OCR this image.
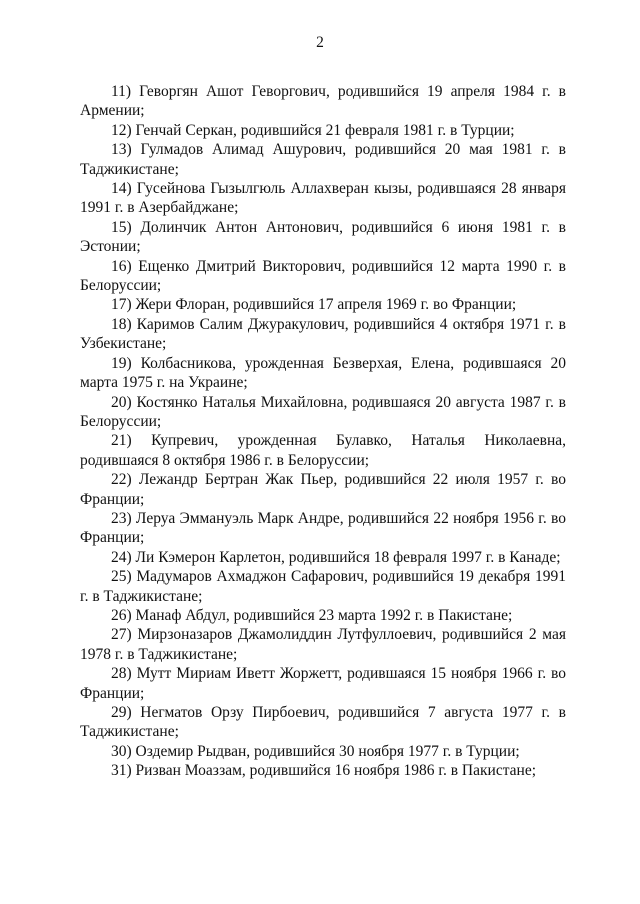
2
11) Геворгян Ашот Геворгович, родившийся 19 апреля 1984 г. в Армении;
12) Генчай Серкан, родившийся 21 февраля 1981 г. в Турции;
13) Гулмадов Алимад Ашурович, родившийся 20 мая 1981 г. в Таджикистане;
14) Гусейнова Гызылгюль Аллахверан кызы, родившаяся 28 января 1991 г. в Азербайджане;
15) Долинчик Антон Антонович, родившийся 6 июня 1981 г. в Эстонии;
16) Ещенко Дмитрий Викторович, родившийся 12 марта 1990 г. в Белоруссии;
17) Жери Флоран, родившийся 17 апреля 1969 г. во Франции;
18) Каримов Салим Джуракулович, родившийся 4 октября 1971 г. в Узбекистане;
19) Колбасникова, урожденная Безверхая, Елена, родившаяся 20 марта 1975 г. на Украине;
20) Костянко Наталья Михайловна, родившаяся 20 августа 1987 г. в Белоруссии;
21) Купревич, урожденная Булавко, Наталья Николаевна, родившаяся 8 октября 1986 г. в Белоруссии;
22) Лежандр Бертран Жак Пьер, родившийся 22 июля 1957 г. во Франции;
23) Леруа Эммануэль Марк Андре, родившийся 22 ноября 1956 г. во Франции;
24) Ли Кэмерон Карлетон, родившийся 18 февраля 1997 г. в Канаде;
25) Мадумаров Ахмаджон Сафарович, родившийся 19 декабря 1991 г. в Таджикистане;
26) Манаф Абдул, родившийся 23 марта 1992 г. в Пакистане;
27) Мирзоназаров Джамолиддин Лутфуллоевич, родившийся 2 мая 1978 г. в Таджикистане;
28) Мутт Мириам Иветт Жоржетт, родившаяся 15 ноября 1966 г. во Франции;
29) Негматов Орзу Пирбоевич, родившийся 7 августа 1977 г. в Таджикистане;
30) Оздемир Рыдван, родившийся 30 ноября 1977 г. в Турции;
31) Ризван Моаззам, родившийся 16 ноября 1986 г. в Пакистане;
